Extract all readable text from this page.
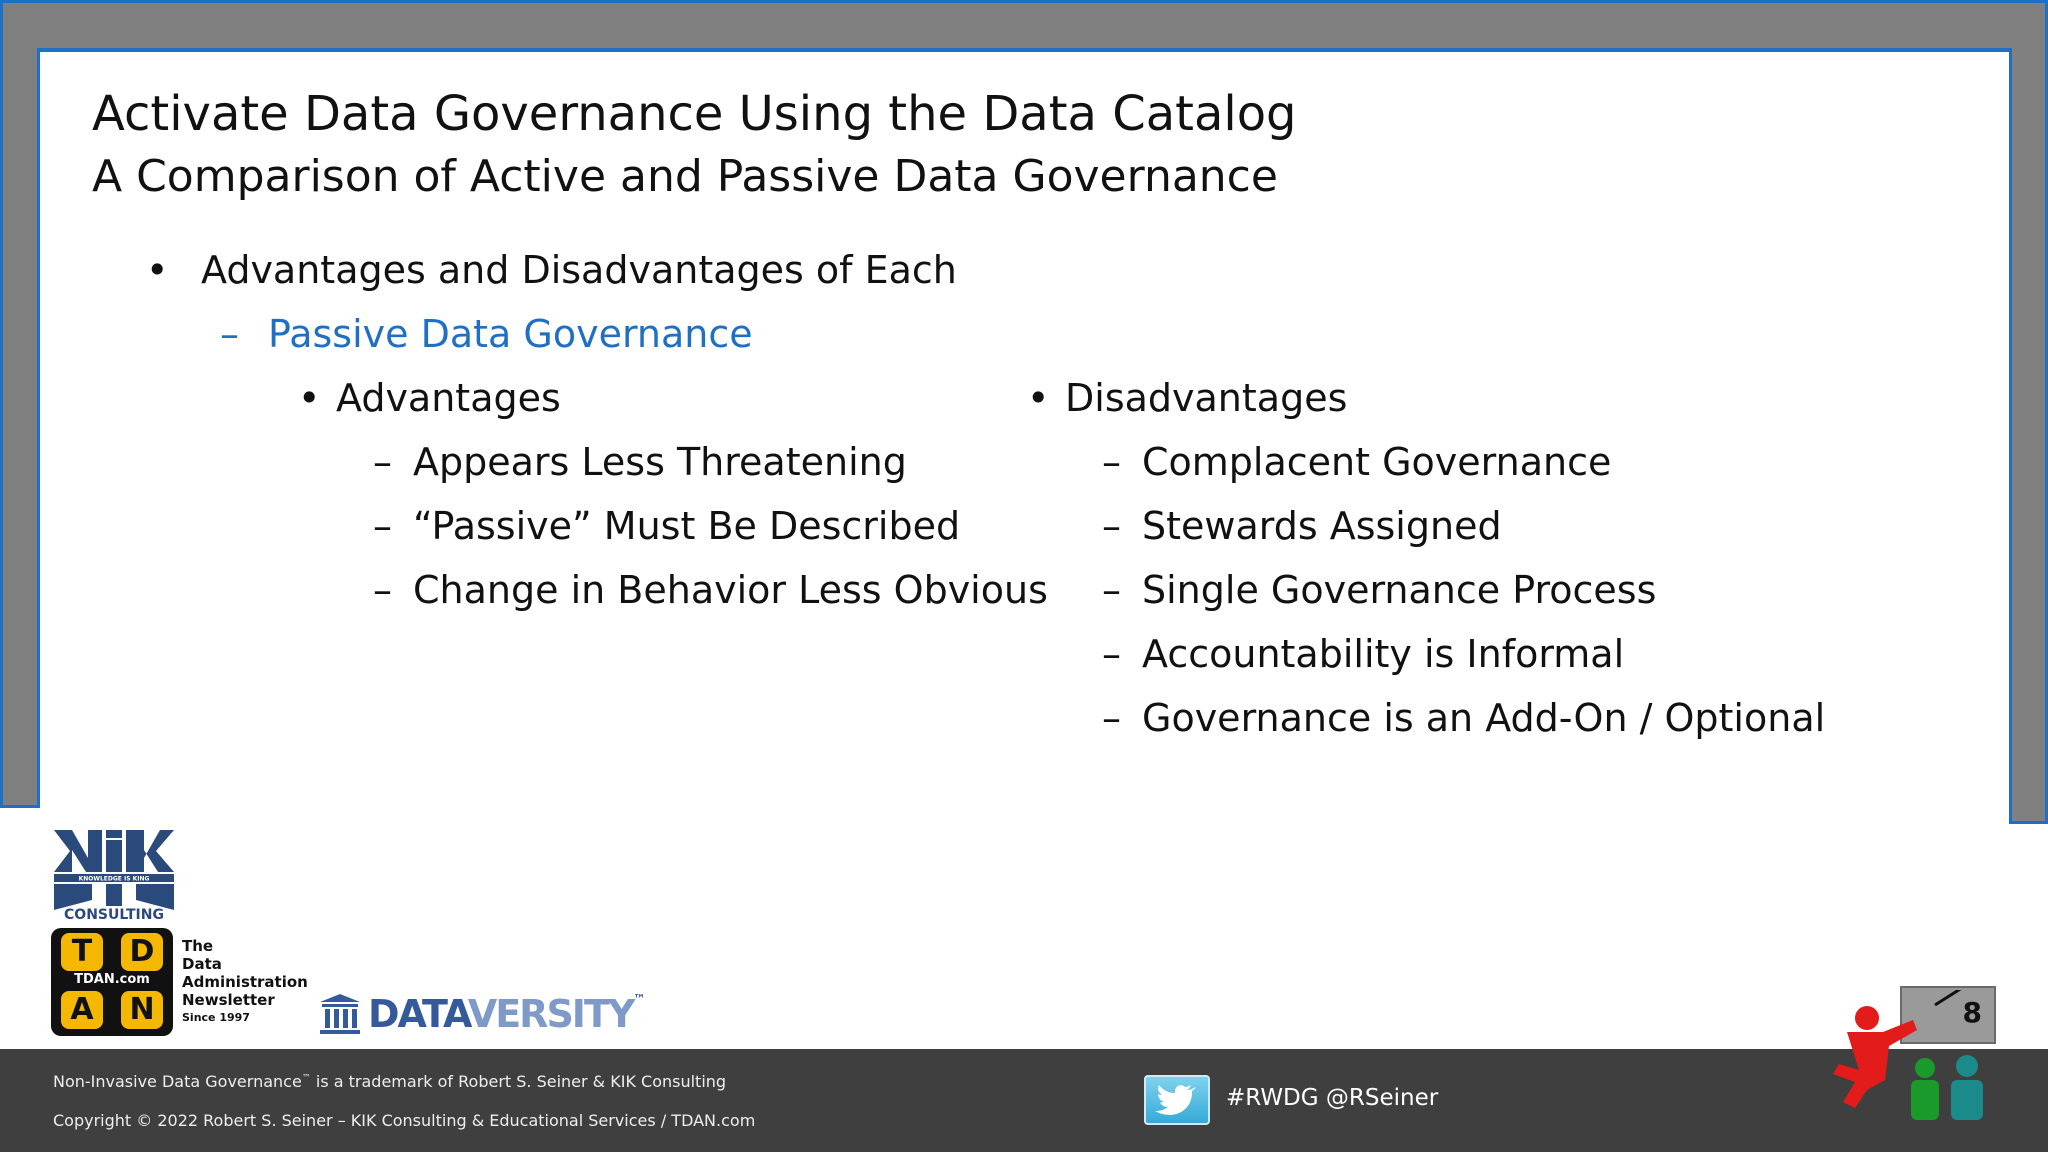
Activate Data Governance Using the Data Catalog
A Comparison of Active and Passive Data Governance
• Advantages and Disadvantages of Each
– Passive Data Governance
• Advantages
– Appears Less Threatening
– “Passive” Must Be Described
– Change in Behavior Less Obvious
• Disadvantages
– Complacent Governance
– Stewards Assigned
– Single Governance Process
– Accountability is Informal
– Governance is an Add-On / Optional
KNOWLEDGE IS KING
CONSULTING
T	D
TDAN.com
A	N
The
Data
Administration
Newsletter
Since 1997	DATAVERSITY™
Non-Invasive Data Governance™ is a trademark of Robert S. Seiner & KIK Consulting
Copyright © 2022 Robert S. Seiner – KIK Consulting & Educational Services / TDAN.com
#RWDG @RSeiner
8
